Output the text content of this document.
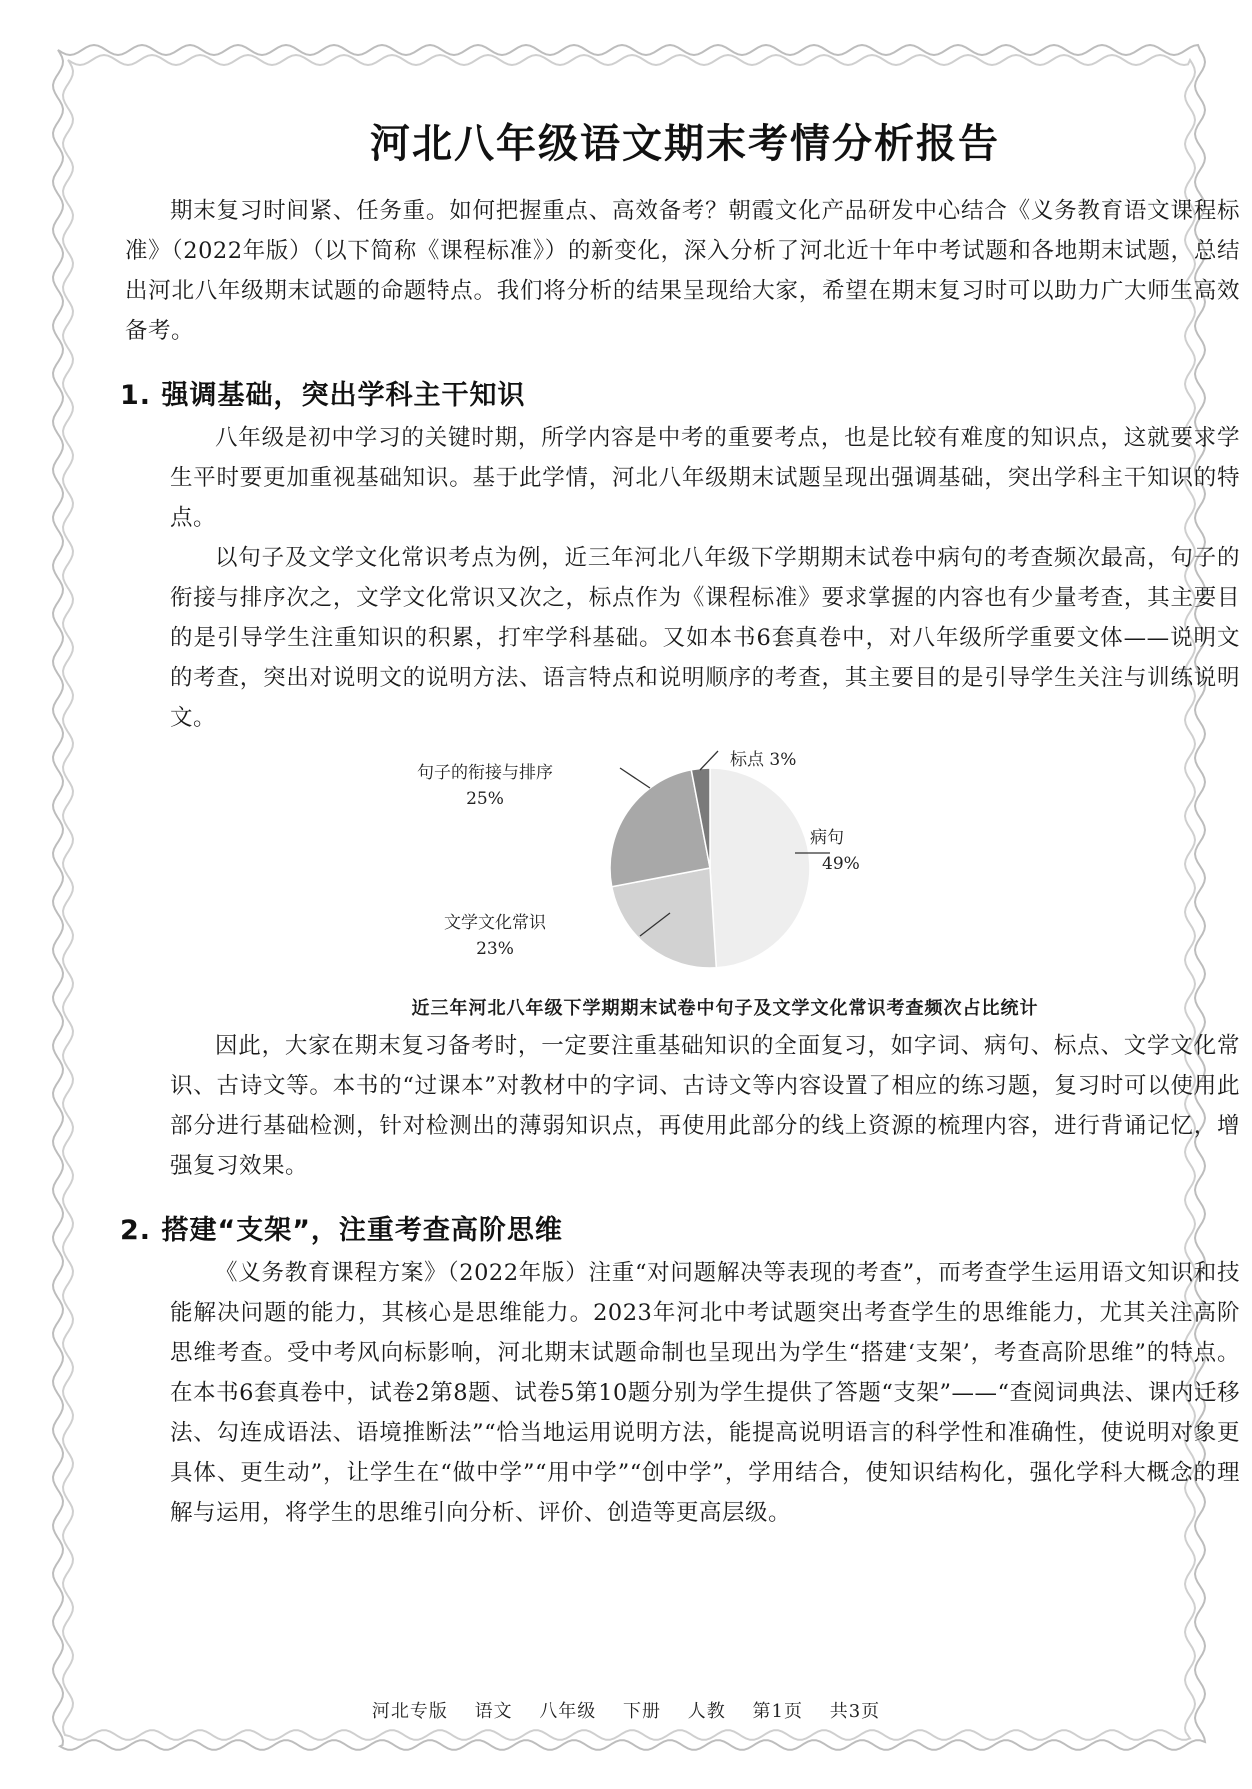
河北八年级语文期末考情分析报告

期末复习时间紧、任务重。如何把握重点、高效备考？朝霞文化产品研发中心结合《义务教育语文课程标准》（2022年版）（以下简称《课程标准》）的新变化，深入分析了河北近十年中考试题和各地期末试题，总结出河北八年级期末试题的命题特点。我们将分析的结果呈现给大家，希望在期末复习时可以助力广大师生高效备考。

1. 强调基础，突出学科主干知识

八年级是初中学习的关键时期，所学内容是中考的重要考点，也是比较有难度的知识点，这就要求学生平时要更加重视基础知识。基于此学情，河北八年级期末试题呈现出强调基础，突出学科主干知识的特点。

以句子及文学文化常识考点为例，近三年河北八年级下学期期末试卷中病句的考查频次最高，句子的衔接与排序次之，文学文化常识又次之，标点作为《课程标准》要求掌握的内容也有少量考查，其主要目的是引导学生注重知识的积累，打牢学科基础。又如本书6套真卷中，对八年级所学重要文体——说明文的考查，突出对说明文的说明方法、语言特点和说明顺序的考查，其主要目的是引导学生关注与训练说明文。

病句
49%
文学文化常识
23%
句子的衔接与排序
25%
标点 3%
近三年河北八年级下学期期末试卷中句子及文学文化常识考查频次占比统计

因此，大家在期末复习备考时，一定要注重基础知识的全面复习，如字词、病句、标点、文学文化常识、古诗文等。本书的“过课本”对教材中的字词、古诗文等内容设置了相应的练习题，复习时可以使用此部分进行基础检测，针对检测出的薄弱知识点，再使用此部分的线上资源的梳理内容，进行背诵记忆，增强复习效果。

2. 搭建“支架”，注重考查高阶思维

《义务教育课程方案》（2022年版）注重“对问题解决等表现的考查”，而考查学生运用语文知识和技能解决问题的能力，其核心是思维能力。2023年河北中考试题突出考查学生的思维能力，尤其关注高阶思维考查。受中考风向标影响，河北期末试题命制也呈现出为学生“搭建‘支架’，考查高阶思维”的特点。在本书6套真卷中，试卷2第8题、试卷5第10题分别为学生提供了答题“支架”——“查阅词典法、课内迁移法、勾连成语法、语境推断法”“恰当地运用说明方法，能提高说明语言的科学性和准确性，使说明对象更具体、更生动”，让学生在“做中学”“用中学”“创中学”，学用结合，使知识结构化，强化学科大概念的理解与运用，将学生的思维引向分析、评价、创造等更高层级。

河北专版 语文 八年级 下册 人教 第1页 共3页
